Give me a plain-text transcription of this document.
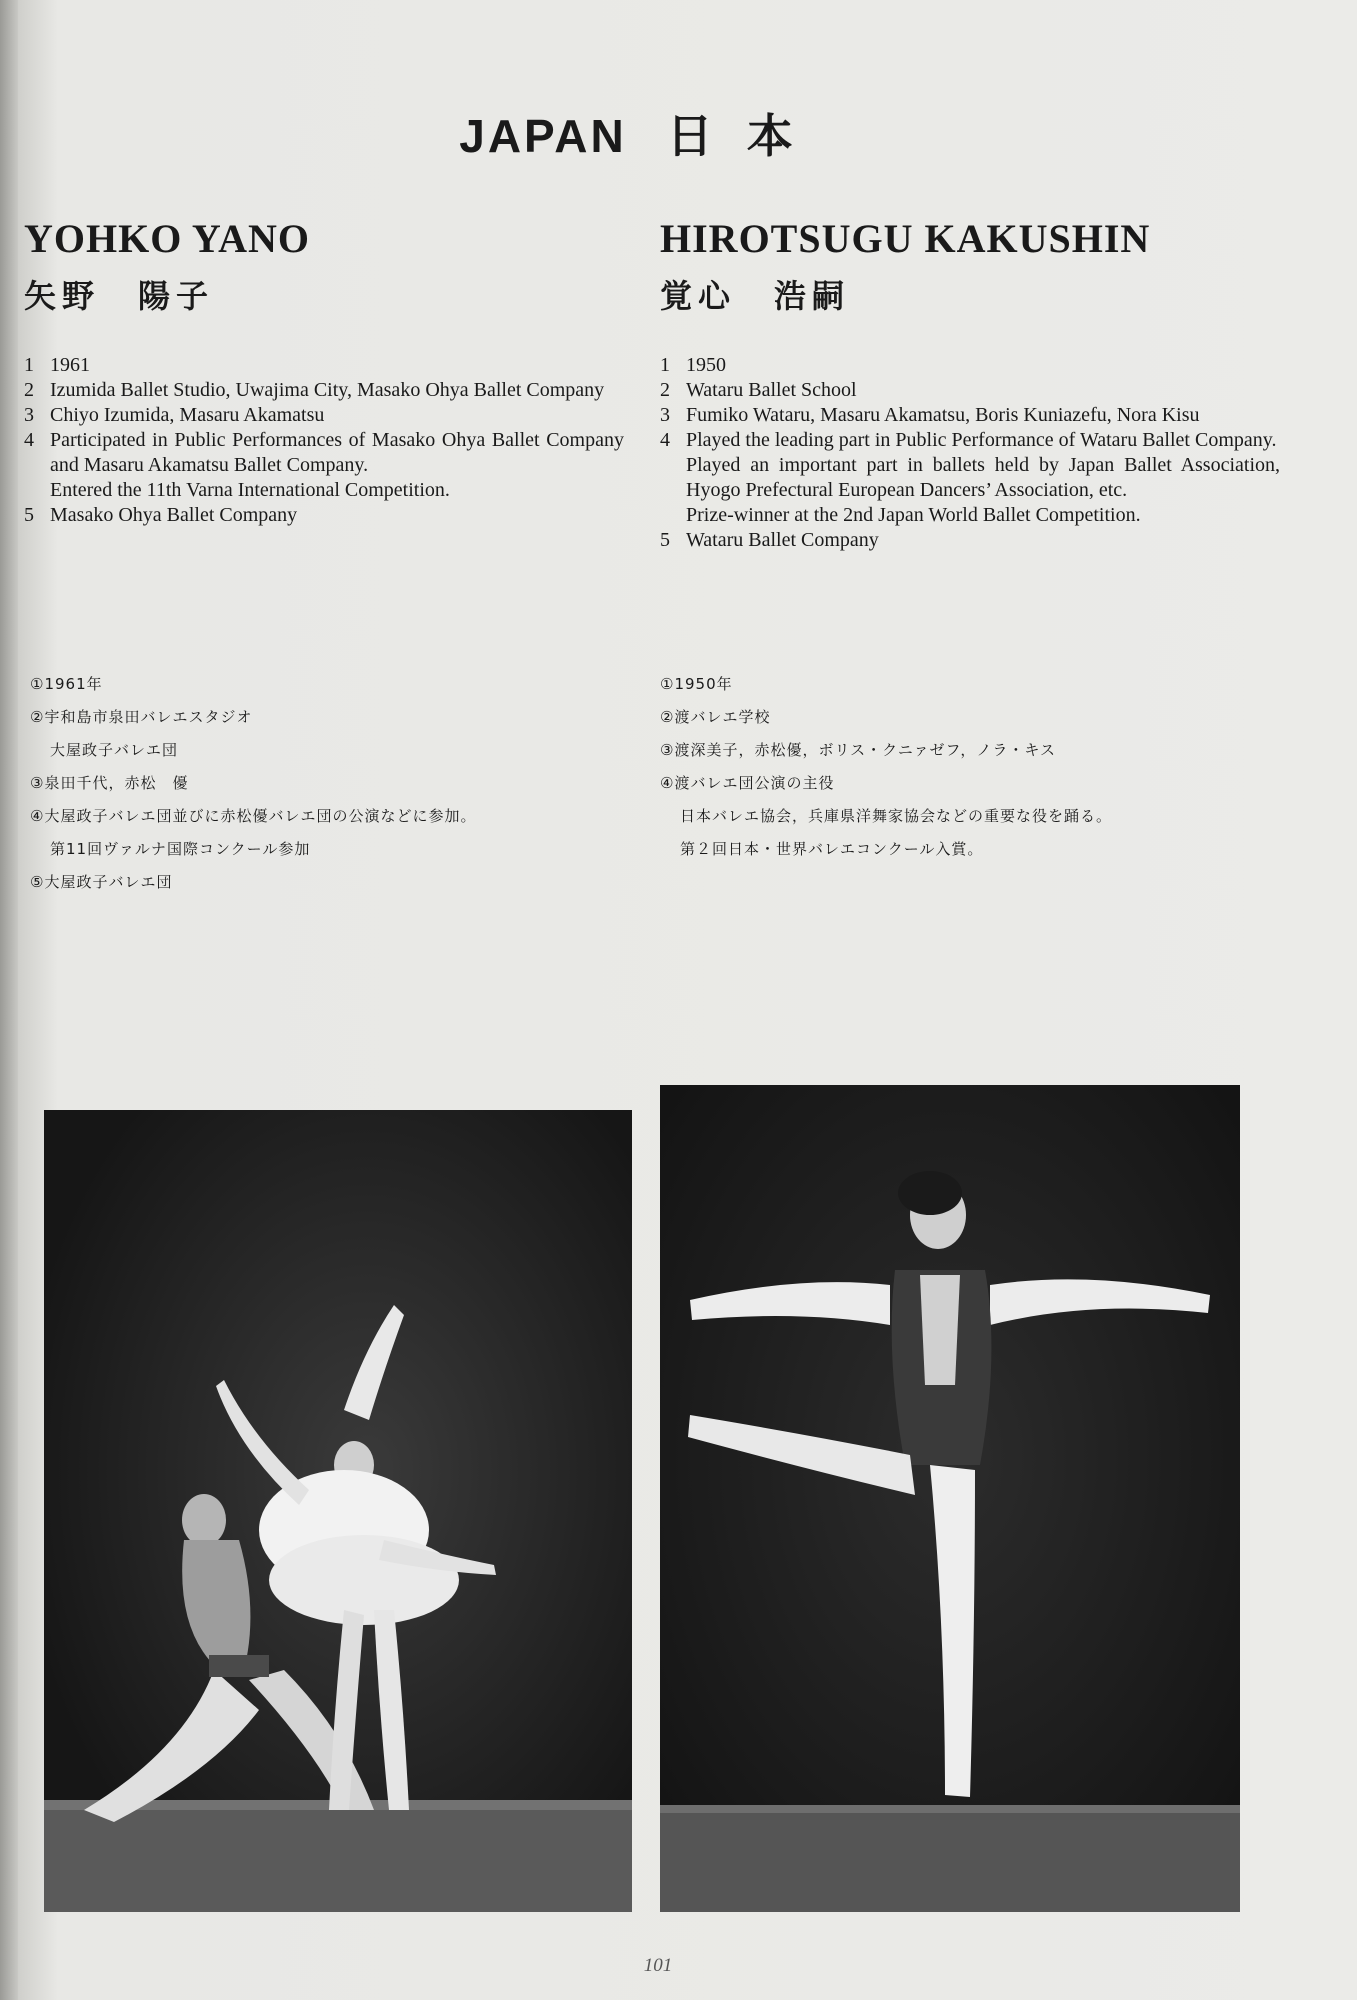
JAPAN 日本
YOHKO YANO
矢野　陽子
1 1961
2 Izumida Ballet Studio, Uwajima City, Masako Ohya Ballet Company
3 Chiyo Izumida, Masaru Akamatsu
4 Participated in Public Performances of Masako Ohya Ballet Company and Masaru Akamatsu Ballet Company.
Entered the 11th Varna International Competition.
5 Masako Ohya Ballet Company
HIROTSUGU KAKUSHIN
覚心　浩嗣
1 1950
2 Wataru Ballet School
3 Fumiko Wataru, Masaru Akamatsu, Boris Kuniazefu, Nora Kisu
4 Played the leading part in Public Performance of Wataru Ballet Company.
Played an important part in ballets held by Japan Ballet Association, Hyogo Prefectural European Dancers’ Association, etc.
Prize-winner at the 2nd Japan World Ballet Competition.
5 Wataru Ballet Company
①1961年
②宇和島市泉田バレエスタジオ
大屋政子バレエ団
③泉田千代，赤松　優
④大屋政子バレエ団並びに赤松優バレエ団の公演などに参加。
第11回ヴァルナ国際コンクール参加
⑤大屋政子バレエ団
①1950年
②渡バレエ学校
③渡深美子，赤松優，ボリス・クニァゼフ，ノラ・キス
④渡バレエ団公演の主役
日本バレエ協会，兵庫県洋舞家協会などの重要な役を踊る。
第２回日本・世界バレエコンクール入賞。
101
